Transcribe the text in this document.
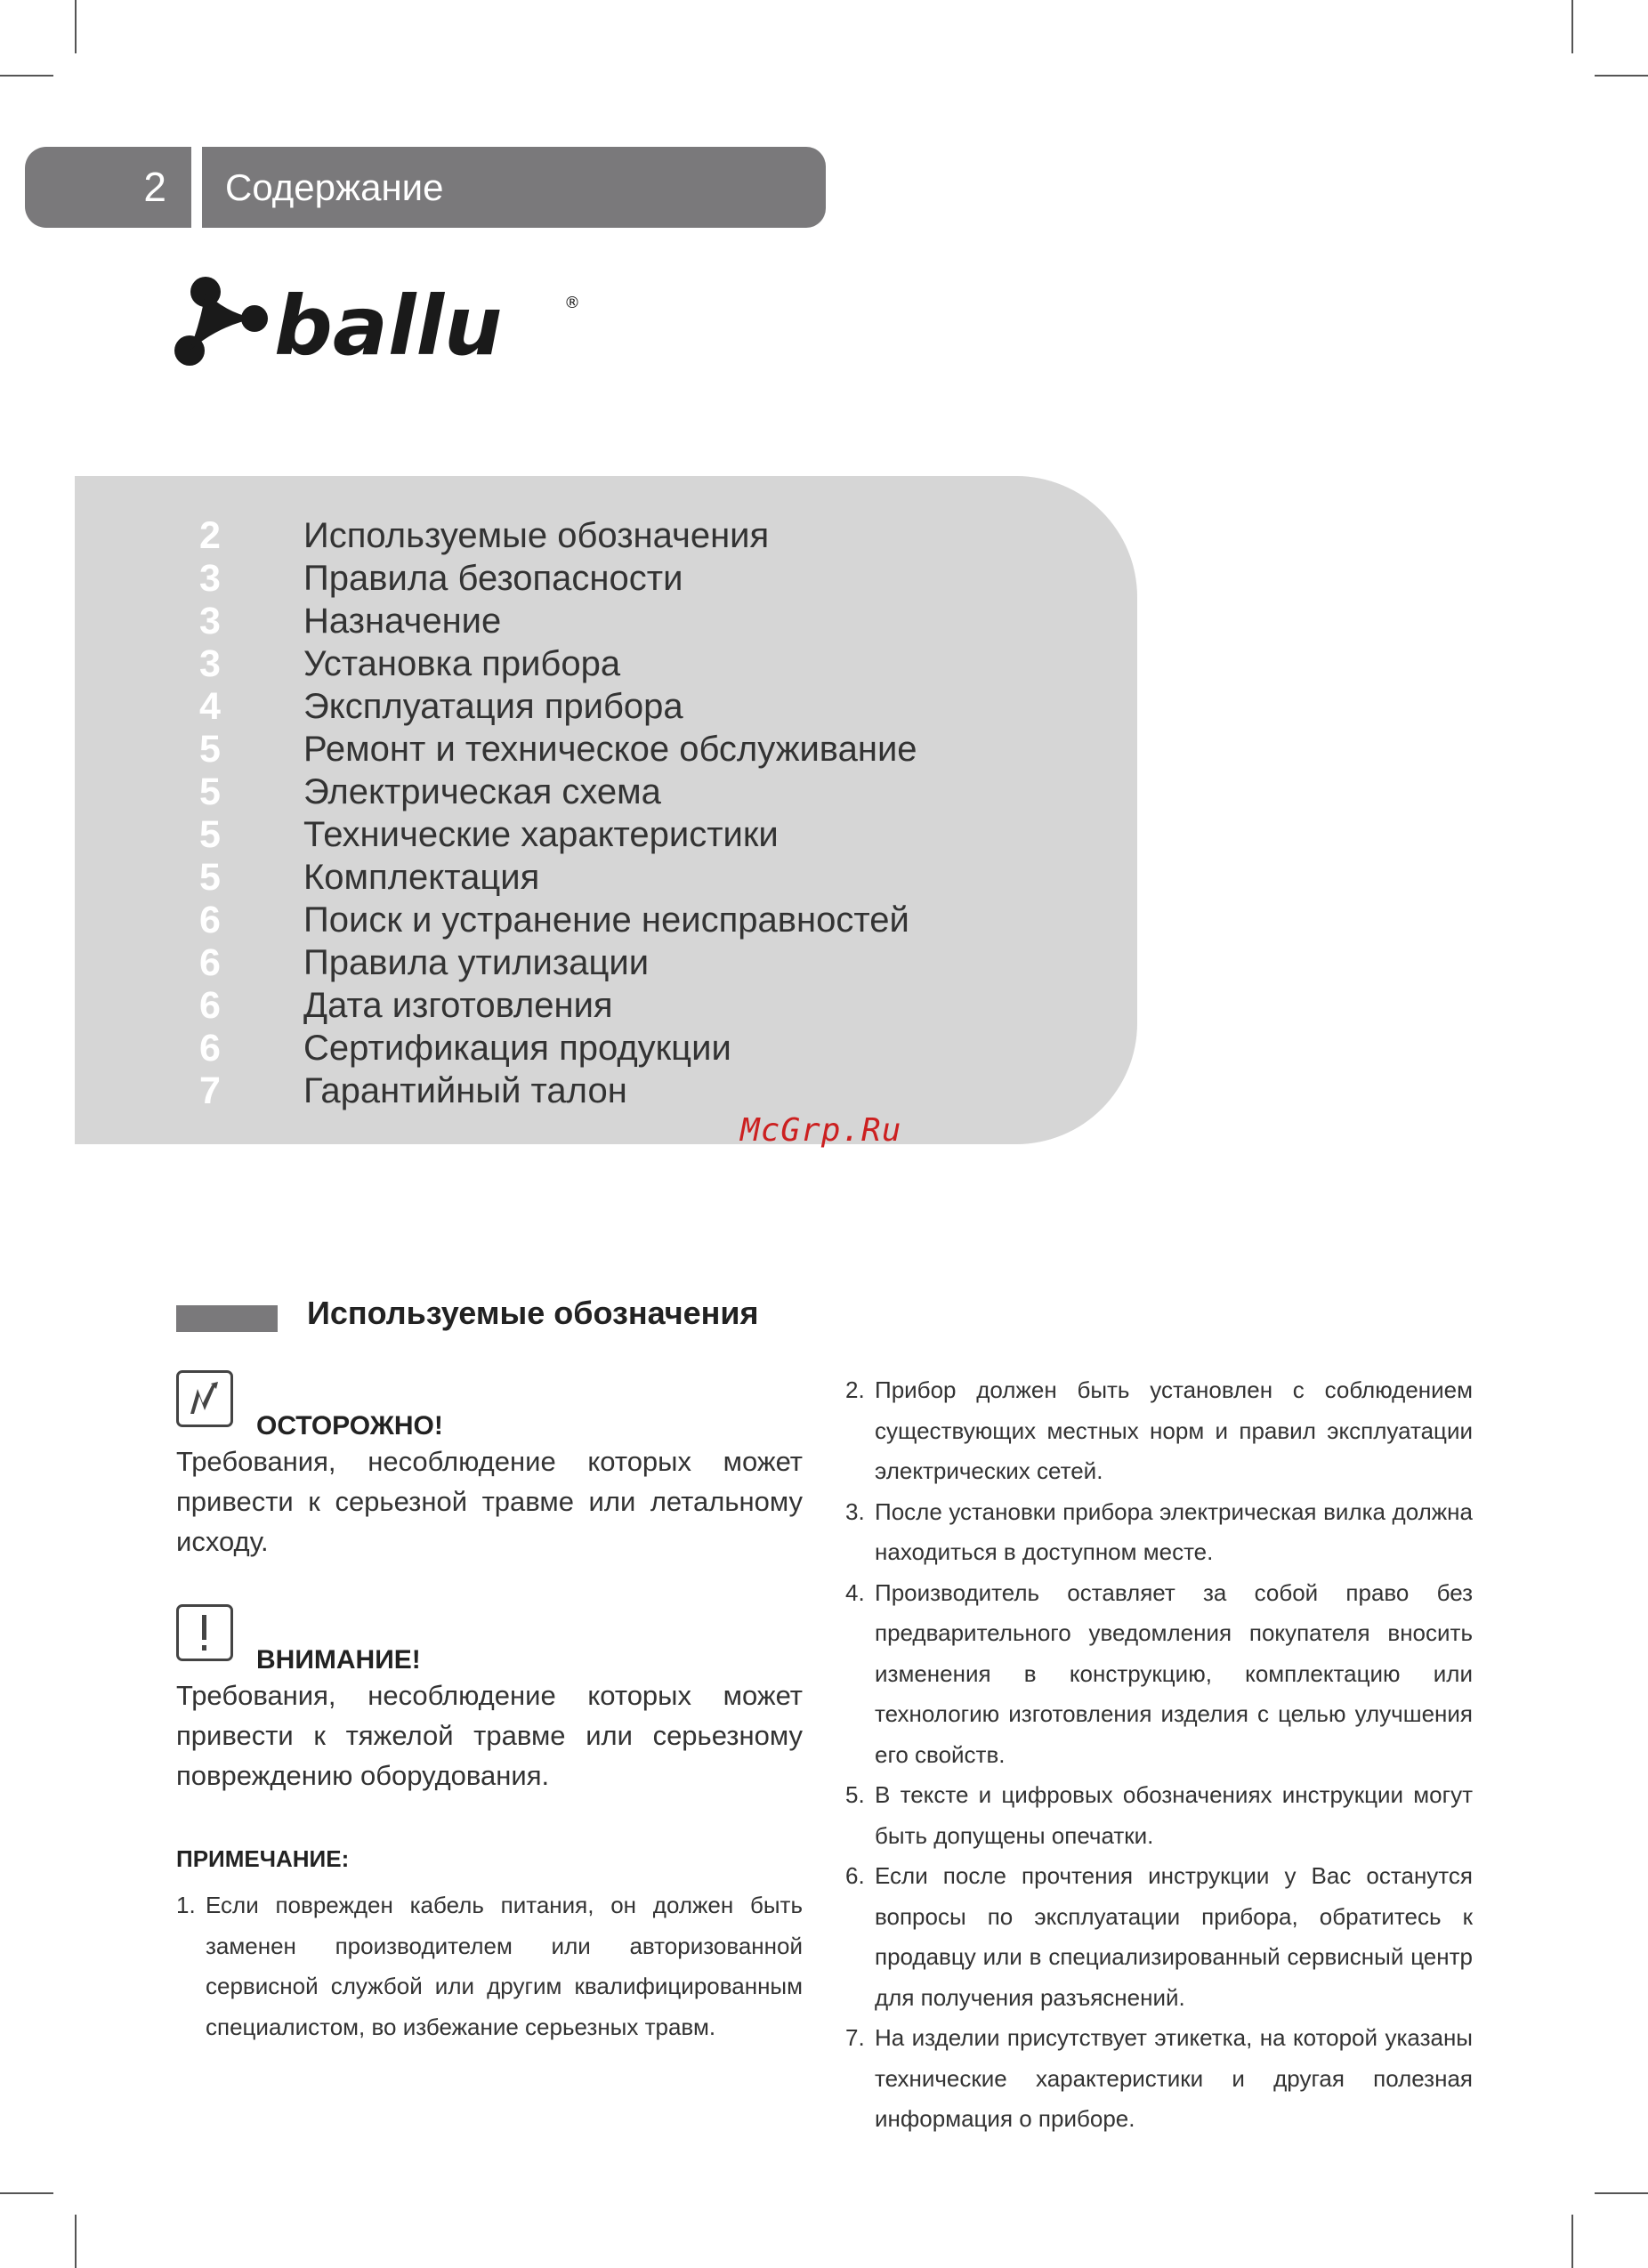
2	Содержание
ballu	®
2	Используемые обозначения
3	Правила безопасности
3	Назначение
3	Установка прибора
4	Эксплуатация прибора
5	Ремонт и техническое обслуживание
5	Электрическая схема
5	Технические характеристики
5	Комплектация
6	Поиск и устранение неисправностей
6	Правила утилизации
6	Дата изготовления
6	Сертификация продукции
7	Гарантийный талон
McGrp.Ru
Используемые обозначения
ОСТОРОЖНО!
Требования, несоблюдение которых может привести к серьезной травме или летальному исходу.
ВНИМАНИЕ!
Требования, несоблюдение которых может привести к тяжелой травме или серьезному повреждению оборудования.
ПРИМЕЧАНИЕ:
1. Если поврежден кабель питания, он должен быть заменен производителем или авторизованной сервисной службой или другим квалифицированным специалистом, во избежание серьезных травм.
2. Прибор должен быть установлен с соблюдением существующих местных норм и правил эксплуатации электрических сетей.
3. После установки прибора электрическая вилка должна находиться в доступном месте.
4. Производитель оставляет за собой право без предварительного уведомления покупателя вносить изменения в конструкцию, комплектацию или технологию изготовления изделия с целью улучшения его свойств.
5. В тексте и цифровых обозначениях инструкции могут быть допущены опечатки.
6. Если после прочтения инструкции у Вас останутся вопросы по эксплуатации прибора, обратитесь к продавцу или в специализированный сервисный центр для получения разъяснений.
7. На изделии присутствует этикетка, на которой указаны технические характеристики и другая полезная информация о приборе.
